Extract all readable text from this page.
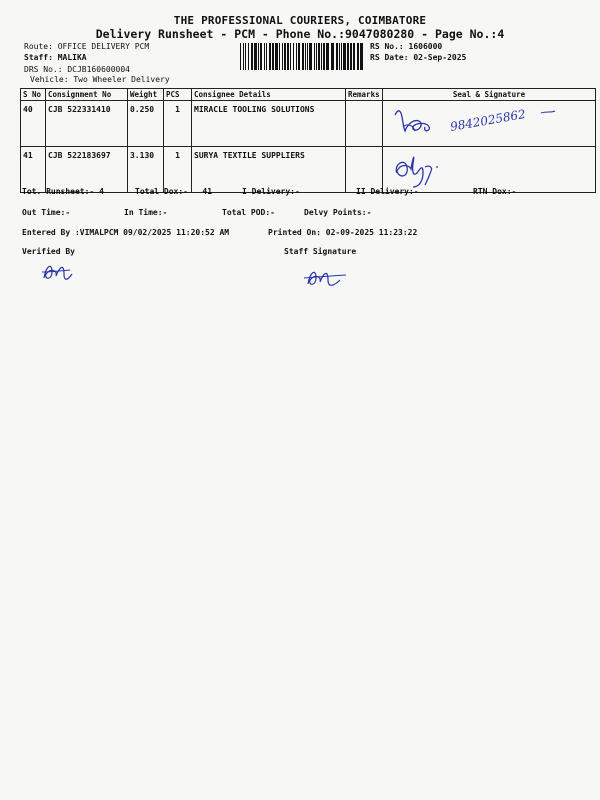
THE PROFESSIONAL COURIERS, COIMBATORE
Delivery Runsheet - PCM - Phone No.:9047080280 - Page No.:4
Route: OFFICE DELIVERY PCM
Staff: MALIKA
DRS No.: DCJB160600004
Vehicle: Two Wheeler Delivery
RS No.: 1606000
RS Date: 02-Sep-2025
S No	Consignment No	Weight	PCS	Consignee Details	Remarks	Seal & Signature
40	CJB 522331410	0.250	1	MIRACLE TOOLING SOLUTIONS		9842025862

41	CJB 522183697	3.130	1	SURYA TEXTILE SUPPLIERS		
Tot. Runsheet:- 4	Total Dox:-   41	I Delivery:-	II Delivery:-	RTN Dox:-
Out Time:-	In Time:-	Total POD:-	Delvy Points:-
Entered By :VIMALPCM 09/02/2025 11:20:52 AM	Printed On: 02-09-2025 11:23:22
Verified By	Staff Signature
